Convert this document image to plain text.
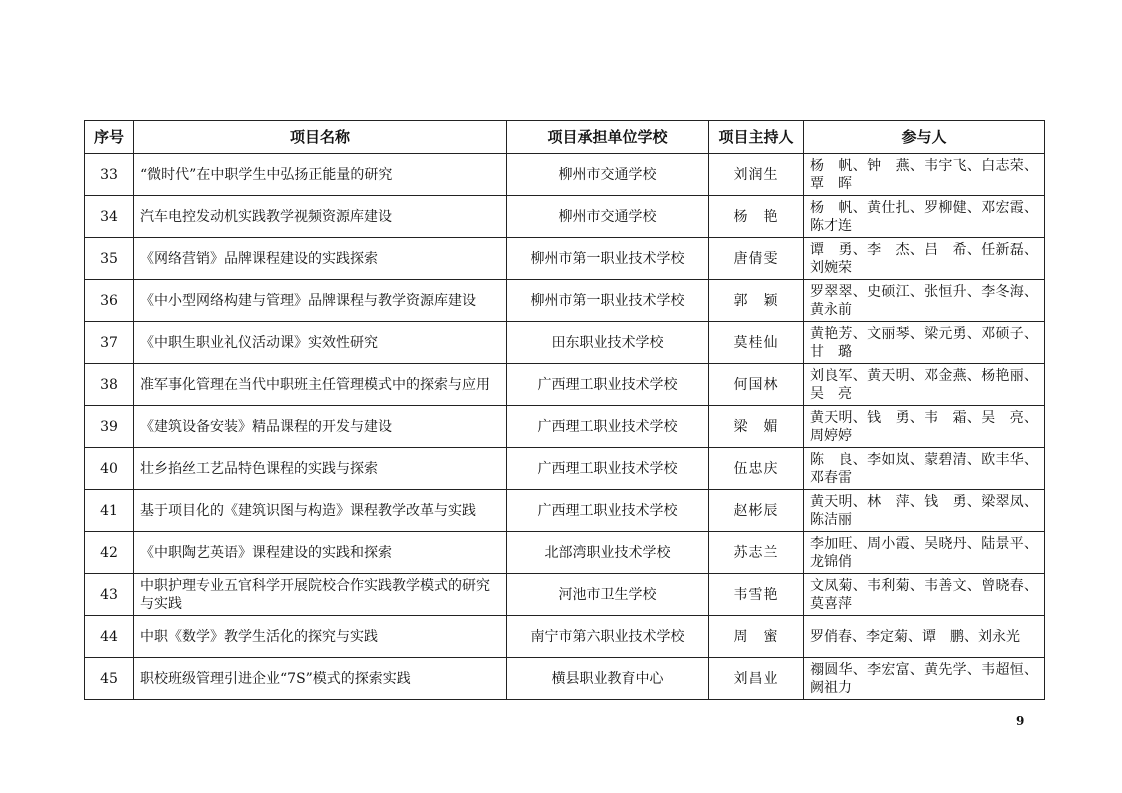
序号	项目名称	项目承担单位学校	项目主持人	参与人
33	“微时代”在中职学生中弘扬正能量的研究	柳州市交通学校	刘润生	杨　帆、钟　燕、韦宇飞、白志荣、覃　晖
34	汽车电控发动机实践教学视频资源库建设	柳州市交通学校	杨　艳	杨　帆、黄仕扎、罗柳健、邓宏霞、陈才连
35	《网络营销》品牌课程建设的实践探索	柳州市第一职业技术学校	唐倩雯	谭　勇、李　杰、吕　希、任新磊、刘婉荣
36	《中小型网络构建与管理》品牌课程与教学资源库建设	柳州市第一职业技术学校	郭　颖	罗翠翠、史硕江、张恒升、李冬海、黄永前
37	《中职生职业礼仪活动课》实效性研究	田东职业技术学校	莫桂仙	黄艳芳、文丽琴、梁元勇、邓硕子、甘　璐
38	准军事化管理在当代中职班主任管理模式中的探索与应用	广西理工职业技术学校	何国林	刘良军、黄天明、邓金燕、杨艳丽、吴　亮
39	《建筑设备安装》精品课程的开发与建设	广西理工职业技术学校	梁　媚	黄天明、钱　勇、韦　霜、吴　亮、周婷婷
40	壮乡掐丝工艺品特色课程的实践与探索	广西理工职业技术学校	伍忠庆	陈　良、李如岚、蒙碧清、欧丰华、邓春雷
41	基于项目化的《建筑识图与构造》课程教学改革与实践	广西理工职业技术学校	赵彬辰	黄天明、林　萍、钱　勇、梁翠凤、陈洁丽
42	《中职陶艺英语》课程建设的实践和探索	北部湾职业技术学校	苏志兰	李加旺、周小霞、吴晓丹、陆景平、龙锦俏
43	中职护理专业五官科学开展院校合作实践教学模式的研究与实践	河池市卫生学校	韦雪艳	文凤菊、韦利菊、韦善文、曾晓春、莫喜萍
44	中职《数学》教学生活化的探究与实践	南宁市第六职业技术学校	周　蜜	罗俏春、李定菊、谭　鹏、刘永光
45	职校班级管理引进企业“7S”模式的探索实践	横县职业教育中心	刘昌业	禤圆华、李宏富、黄先学、韦超恒、阙祖力
9
